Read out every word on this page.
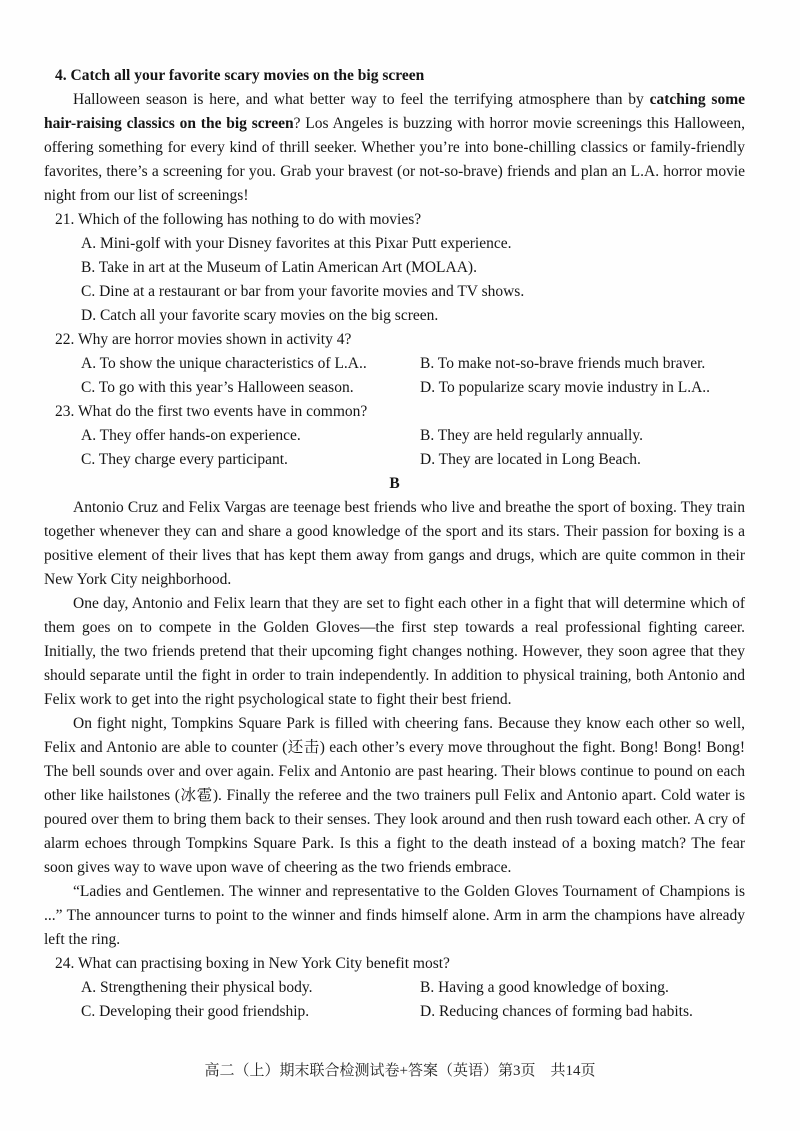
4. Catch all your favorite scary movies on the big screen

Halloween season is here, and what better way to feel the terrifying atmosphere than by catching some hair-raising classics on the big screen? Los Angeles is buzzing with horror movie screenings this Halloween, offering something for every kind of thrill seeker. Whether you’re into bone-chilling classics or family-friendly favorites, there’s a screening for you. Grab your bravest (or not-so-brave) friends and plan an L.A. horror movie night from our list of screenings!

21. Which of the following has nothing to do with movies?
A. Mini-golf with your Disney favorites at this Pixar Putt experience.
B. Take in art at the Museum of Latin American Art (MOLAA).
C. Dine at a restaurant or bar from your favorite movies and TV shows.
D. Catch all your favorite scary movies on the big screen.
22. Why are horror movies shown in activity 4?
A. To show the unique characteristics of L.A..	B. To make not-so-brave friends much braver.
C. To go with this year’s Halloween season.	D. To popularize scary movie industry in L.A..
23. What do the first two events have in common?
A. They offer hands-on experience.	B. They are held regularly annually.
C. They charge every participant.	D. They are located in Long Beach.
B

Antonio Cruz and Felix Vargas are teenage best friends who live and breathe the sport of boxing. They train together whenever they can and share a good knowledge of the sport and its stars. Their passion for boxing is a positive element of their lives that has kept them away from gangs and drugs, which are quite common in their New York City neighborhood.

One day, Antonio and Felix learn that they are set to fight each other in a fight that will determine which of them goes on to compete in the Golden Gloves—the first step towards a real professional fighting career. Initially, the two friends pretend that their upcoming fight changes nothing. However, they soon agree that they should separate until the fight in order to train independently. In addition to physical training, both Antonio and Felix work to get into the right psychological state to fight their best friend.

On fight night, Tompkins Square Park is filled with cheering fans. Because they know each other so well, Felix and Antonio are able to counter (还击) each other’s every move throughout the fight. Bong! Bong! Bong! The bell sounds over and over again. Felix and Antonio are past hearing. Their blows continue to pound on each other like hailstones (冰雹). Finally the referee and the two trainers pull Felix and Antonio apart. Cold water is poured over them to bring them back to their senses. They look around and then rush toward each other. A cry of alarm echoes through Tompkins Square Park. Is this a fight to the death instead of a boxing match? The fear soon gives way to wave upon wave of cheering as the two friends embrace.

“Ladies and Gentlemen. The winner and representative to the Golden Gloves Tournament of Champions is ...” The announcer turns to point to the winner and finds himself alone. Arm in arm the champions have already left the ring.

24. What can practising boxing in New York City benefit most?
A. Strengthening their physical body.	B. Having a good knowledge of boxing.
C. Developing their good friendship.	D. Reducing chances of forming bad habits.
高二（上）期末联合检测试卷+答案（英语）第3页　共14页
